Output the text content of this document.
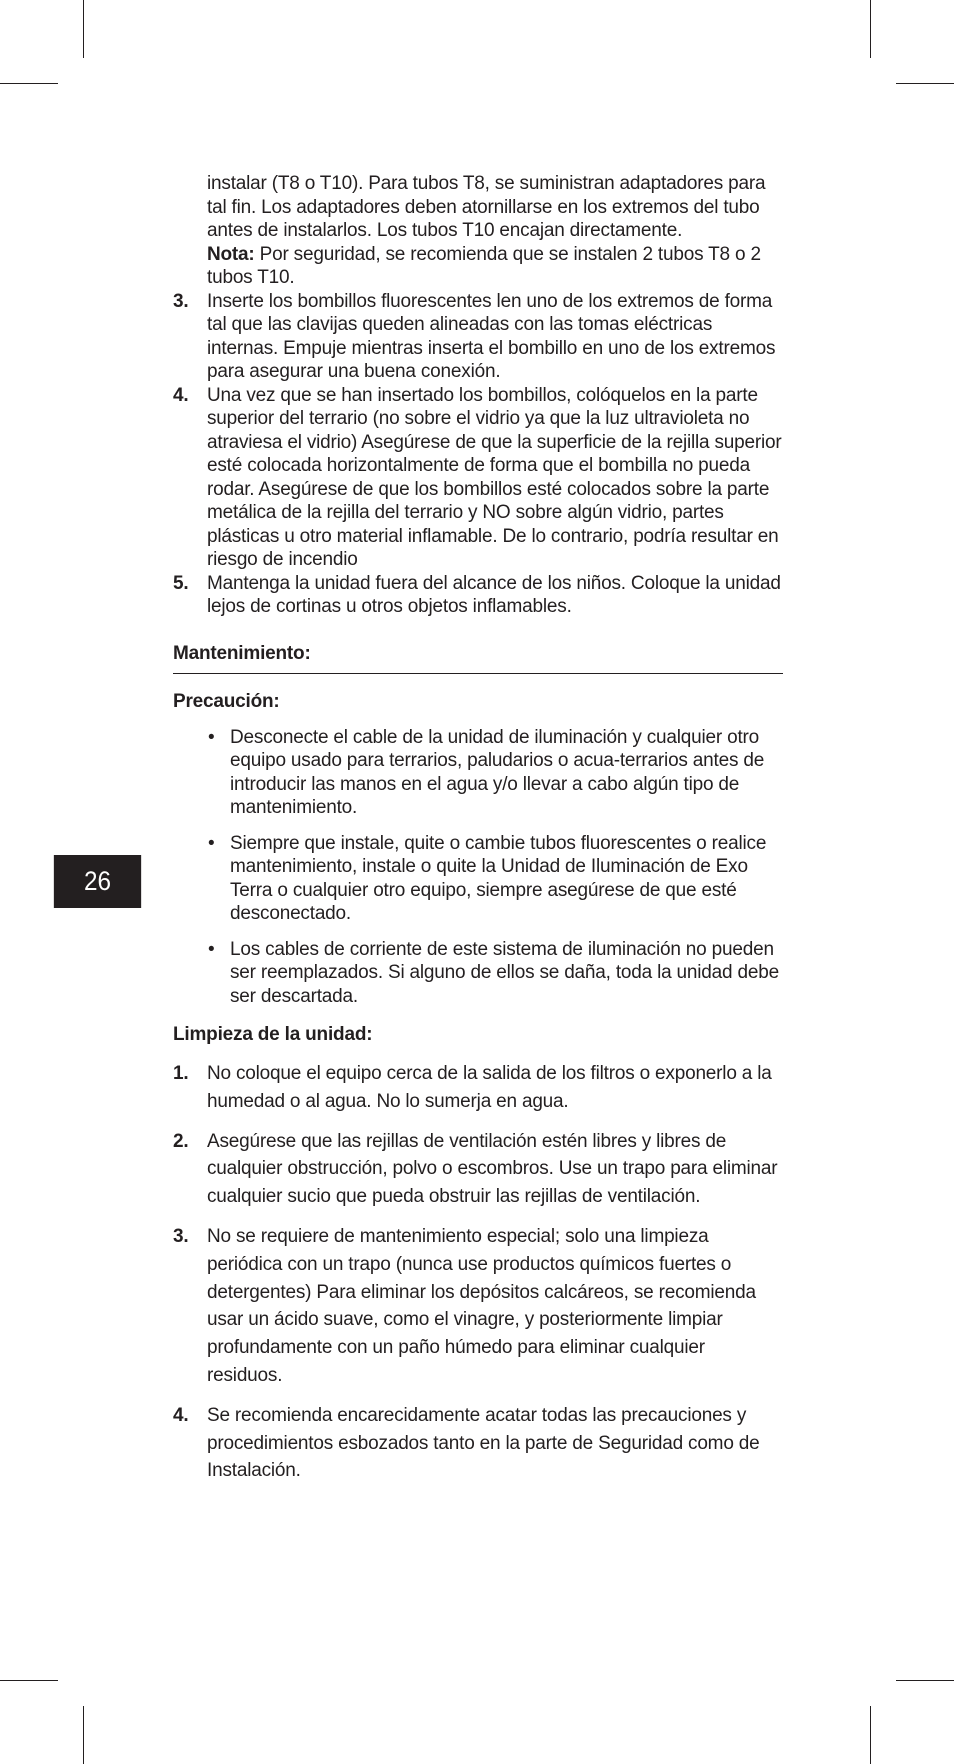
26

instalar (T8 o T10). Para tubos T8, se suministran adaptadores para tal fin. Los adaptadores deben atornillarse en los extremos del tubo antes de instalarlos. Los tubos T10 encajan directamente.

Nota: Por seguridad, se recomienda que se instalen 2 tubos T8 o 2 tubos T10.

3. Inserte los bombillos fluorescentes len uno de los extremos de forma tal que las clavijas queden alineadas con las tomas eléctricas internas. Empuje mientras inserta el bombillo en uno de los extremos para asegurar una buena conexión.
4. Una vez que se han insertado los bombillos, colóquelos en la parte superior del terrario (no sobre el vidrio ya que la luz ultravioleta no atraviesa el vidrio) Asegúrese de que la superficie de la rejilla superior esté colocada horizontalmente de forma que el bombilla no pueda rodar. Asegúrese de que los bombillos esté colocados sobre la parte metálica de la rejilla del terrario y NO sobre algún vidrio, partes plásticas u otro material inflamable. De lo contrario, podría resultar en riesgo de incendio
5. Mantenga la unidad fuera del alcance de los niños. Coloque la unidad lejos de cortinas u otros objetos inflamables.
Mantenimiento:
Precaución:
• Desconecte el cable de la unidad de iluminación y cualquier otro equipo usado para terrarios, paludarios o acua-terrarios antes de introducir las manos en el agua y/o llevar a cabo algún tipo de mantenimiento.
• Siempre que instale, quite o cambie tubos fluorescentes o realice mantenimiento, instale o quite la Unidad de Iluminación de Exo Terra o cualquier otro equipo, siempre asegúrese de que esté desconectado.
• Los cables de corriente de este sistema de iluminación no pueden ser reemplazados. Si alguno de ellos se daña, toda la unidad debe ser descartada.
Limpieza de la unidad:
1. No coloque el equipo cerca de la salida de los filtros o exponerlo a la humedad o al agua. No lo sumerja en agua.
2. Asegúrese que las rejillas de ventilación estén libres y libres de cualquier obstrucción, polvo o escombros. Use un trapo para eliminar cualquier sucio que pueda obstruir las rejillas de ventilación.
3. No se requiere de mantenimiento especial; solo una limpieza periódica con un trapo (nunca use productos químicos fuertes o detergentes) Para eliminar los depósitos calcáreos, se recomienda usar un ácido suave, como el vinagre, y posteriormente limpiar profundamente con un paño húmedo para eliminar cualquier residuos.
4. Se recomienda encarecidamente acatar todas las precauciones y procedimientos esbozados tanto en la parte de Seguridad como de Instalación.
